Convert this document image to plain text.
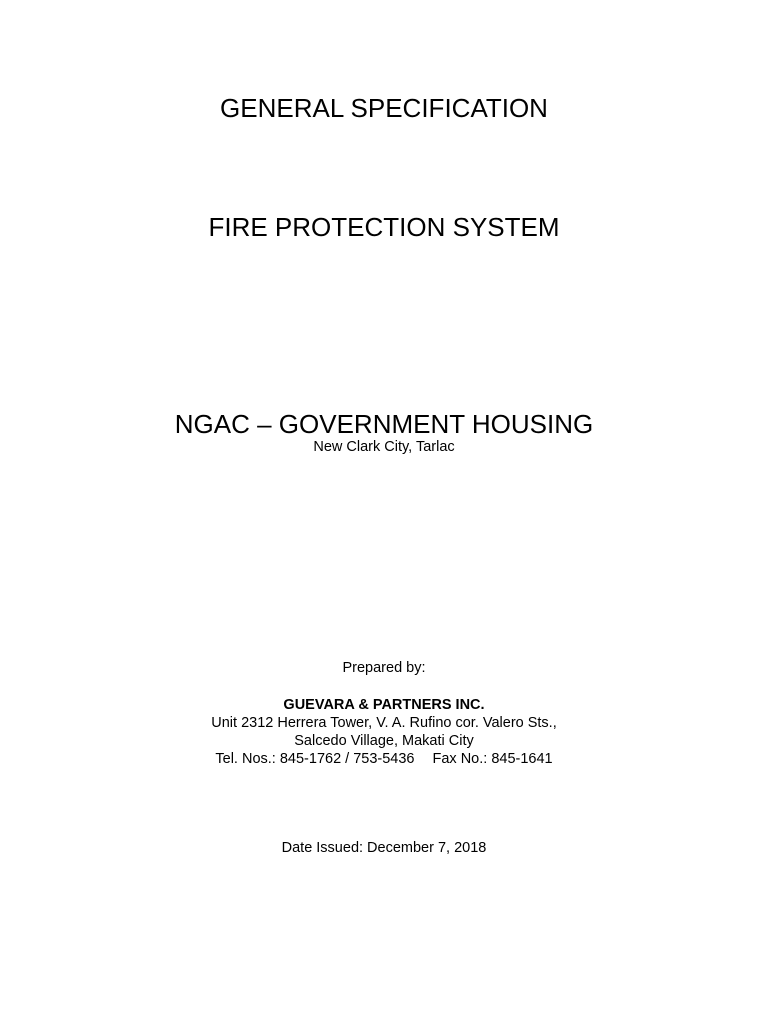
GENERAL SPECIFICATION
FIRE PROTECTION SYSTEM
NGAC – GOVERNMENT HOUSING
New Clark City, Tarlac
Prepared by:
GUEVARA & PARTNERS INC.
Unit 2312 Herrera Tower, V. A. Rufino cor. Valero Sts.,
Salcedo Village, Makati City
Tel. Nos.: 845-1762 / 753-5436 Fax No.: 845-1641
Date Issued: December 7, 2018
